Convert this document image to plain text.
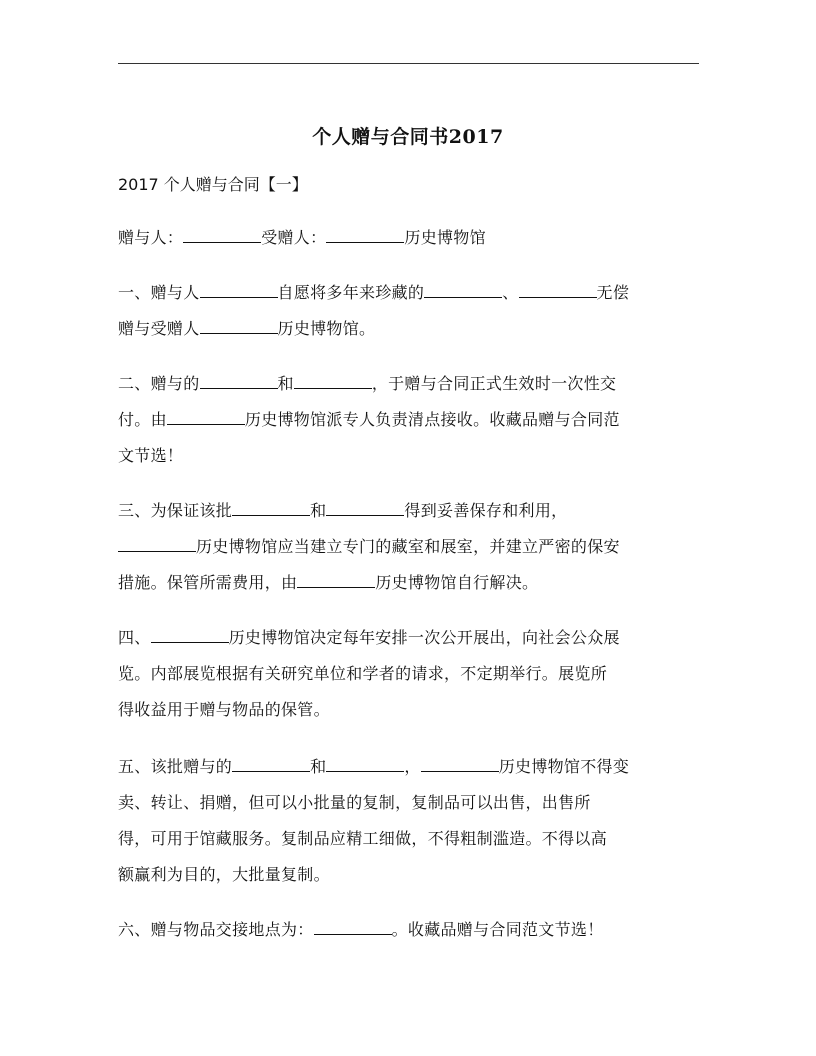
个人赠与合同书2017
2017 个人赠与合同【一】
赠与人：	受赠人：	历史博物馆
一、赠与人	自愿将多年来珍藏的	、	无偿
赠与受赠人	历史博物馆。
二、赠与的	和	，于赠与合同正式生效时一次性交
付。由	历史博物馆派专人负责清点接收。收藏品赠与合同范
文节选！
三、为保证该批	和	得到妥善保存和利用，
历史博物馆应当建立专门的藏室和展室，并建立严密的保安
措施。保管所需费用，由	历史博物馆自行解决。
四、	历史博物馆决定每年安排一次公开展出，向社会公众展
览。内部展览根据有关研究单位和学者的请求，不定期举行。展览所
得收益用于赠与物品的保管。
五、该批赠与的	和	，	历史博物馆不得变
卖、转让、捐赠，但可以小批量的复制，复制品可以出售，出售所
得，可用于馆藏服务。复制品应精工细做，不得粗制滥造。不得以高
额赢利为目的，大批量复制。
六、赠与物品交接地点为：	。收藏品赠与合同范文节选！
